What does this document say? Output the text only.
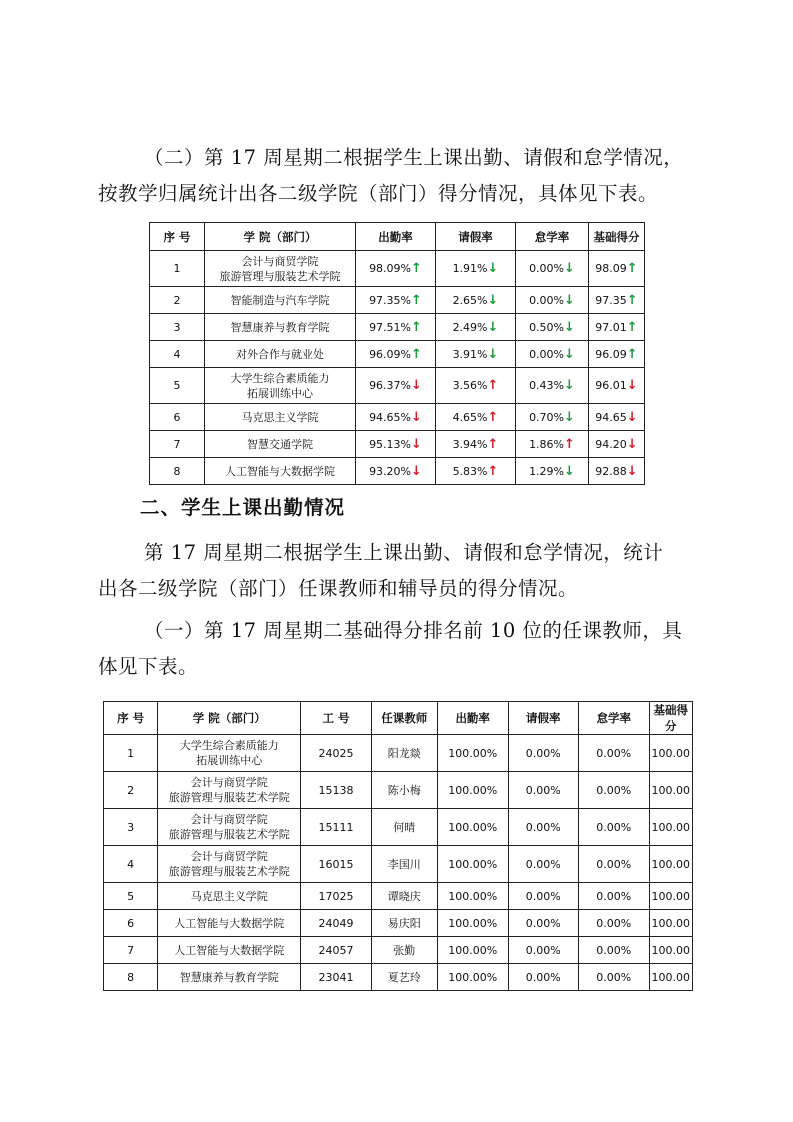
（二）第 17 周星期二根据学生上课出勤、请假和怠学情况，
按教学归属统计出各二级学院（部门）得分情况，具体见下表。

序 号	学 院（部门）	出勤率	请假率	怠学率	基础得分
1	会计与商贸学院
旅游管理与服装艺术学院	98.09%↑	1.91%↓	0.00%↓	98.09↑
2	智能制造与汽车学院	97.35%↑	2.65%↓	0.00%↓	97.35↑
3	智慧康养与教育学院	97.51%↑	2.49%↓	0.50%↓	97.01↑
4	对外合作与就业处	96.09%↑	3.91%↓	0.00%↓	96.09↑
5	大学生综合素质能力
拓展训练中心	96.37%↓	3.56%↑	0.43%↓	96.01↓
6	马克思主义学院	94.65%↓	4.65%↑	0.70%↓	94.65↓
7	智慧交通学院	95.13%↓	3.94%↑	1.86%↑	94.20↓
8	人工智能与大数据学院	93.20%↓	5.83%↑	1.29%↓	92.88↓

二、学生上课出勤情况

第 17 周星期二根据学生上课出勤、请假和怠学情况，统计
出各二级学院（部门）任课教师和辅导员的得分情况。

（一）第 17 周星期二基础得分排名前 10 位的任课教师，具
体见下表。

序 号	学 院（部门）	工 号	任课教师	出勤率	请假率	怠学率	基础得分
1	大学生综合素质能力
拓展训练中心	24025	阳龙燚	100.00%	0.00%	0.00%	100.00
2	会计与商贸学院
旅游管理与服装艺术学院	15138	陈小梅	100.00%	0.00%	0.00%	100.00
3	会计与商贸学院
旅游管理与服装艺术学院	15111	何晴	100.00%	0.00%	0.00%	100.00
4	会计与商贸学院
旅游管理与服装艺术学院	16015	李国川	100.00%	0.00%	0.00%	100.00
5	马克思主义学院	17025	谭晓庆	100.00%	0.00%	0.00%	100.00
6	人工智能与大数据学院	24049	易庆阳	100.00%	0.00%	0.00%	100.00
7	人工智能与大数据学院	24057	张勤	100.00%	0.00%	0.00%	100.00
8	智慧康养与教育学院	23041	夏艺玲	100.00%	0.00%	0.00%	100.00
